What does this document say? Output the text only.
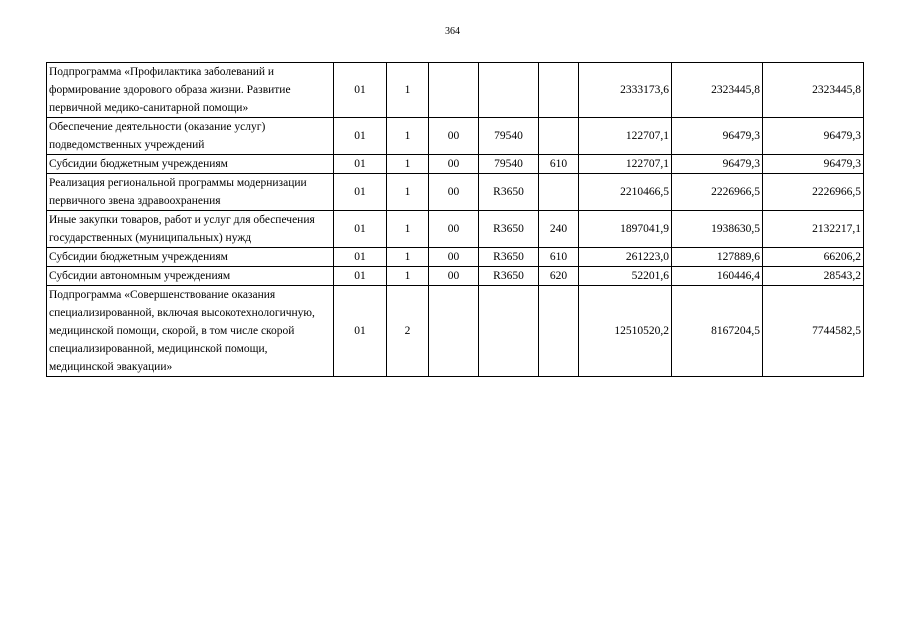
364
Подпрограмма «Профилактика заболеваний и формирование здорового образа жизни. Развитие первичной медико-санитарной помощи»	01	1				2333173,6	2323445,8	2323445,8
Обеспечение деятельности (оказание услуг) подведомственных учреждений	01	1	00	79540		122707,1	96479,3	96479,3
Субсидии бюджетным учреждениям	01	1	00	79540	610	122707,1	96479,3	96479,3
Реализация региональной программы модернизации первичного звена здравоохранения	01	1	00	R3650		2210466,5	2226966,5	2226966,5
Иные закупки товаров, работ и услуг для обеспечения государственных (муниципальных) нужд	01	1	00	R3650	240	1897041,9	1938630,5	2132217,1
Субсидии бюджетным учреждениям	01	1	00	R3650	610	261223,0	127889,6	66206,2
Субсидии автономным учреждениям	01	1	00	R3650	620	52201,6	160446,4	28543,2
Подпрограмма «Совершенствование оказания специализированной, включая высокотехнологичную, медицинской помощи, скорой, в том числе скорой специализированной, медицинской помощи, медицинской эвакуации»	01	2				12510520,2	8167204,5	7744582,5
